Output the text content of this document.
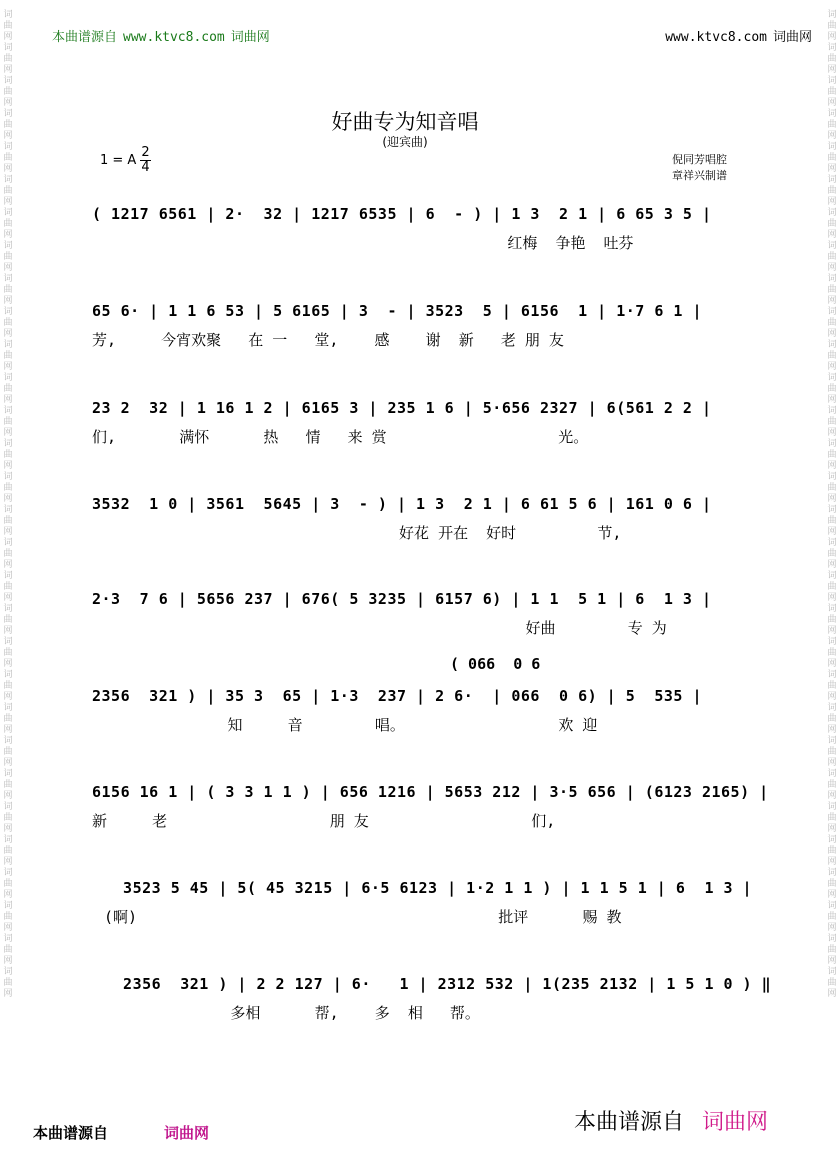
词曲网词曲网词曲网词曲网词曲网词曲网词曲网词曲网词曲网词曲网词曲网词曲网词曲网词曲网词曲网词曲网词曲网词曲网词曲网词曲网词曲网词曲网词曲网词曲网词曲网词曲网词曲网词曲网词曲网词曲网
词曲网词曲网词曲网词曲网词曲网词曲网词曲网词曲网词曲网词曲网词曲网词曲网词曲网词曲网词曲网词曲网词曲网词曲网词曲网词曲网词曲网词曲网词曲网词曲网词曲网词曲网词曲网词曲网词曲网词曲网
本曲谱源自 www.ktvc8.com 词曲网	www.ktvc8.com 词曲网
好曲专为知音唱
(迎宾曲)
1 = A $\frac{2}{4}$	倪同芳唱腔
章祥兴制谱
( 1217 6561 | 2·  32 | 1217 6535 | 6  - ) | 1 3  2 1 | 6 65 3 5 |
红梅  争艳  吐芬
65 6· | 1 1 6 53 | 5 6165 | 3  - | 3523  5 | 6156  1 | 1·7 6 1 |
芳,     今宵欢聚   在 一   堂,    感    谢  新   老 朋 友
23 2  32 | 1 16 1 2 | 6165 3 | 235 1 6 | 5·656 2327 | 6(561 2 2 |
们,       满怀      热   情   来 赏                   光。
3532  1 0 | 3561  5645 | 3  - ) | 1 3  2 1 | 6 61 5 6 | 161 0 6 |
好花 开在  好时         节,
2·3  7 6 | 5656 237 | 676( 5 3235 | 6157 6) | 1 1  5 1 | 6  1 3 |
好曲        专 为
2356  321 ) | 35 3  65 | 1·3  237 | 2 6·  | 066  0 6) | 5  535 |
知     音        唱。                 欢 迎
6156 16 1 | ( 3 3 1 1 ) | 656 1216 | 5653 212 | 3·5 656 | (6123 2165) |
新     老                  朋 友                  们,
3523 5 45 | 5( 45 3215 | 6·5 6123 | 1·2 1 1 ) | 1 1 5 1 | 6  1 3 |
(啊)                                        批评      赐 教
2356  321 ) | 2 2 127 | 6·   1 | 2312 532 | 1(235 2132 | 1 5 1 0 ) ‖
多相      帮,    多  相   帮。
( 066  0 6
本曲谱源自	词曲网	本曲谱源自 词曲网
